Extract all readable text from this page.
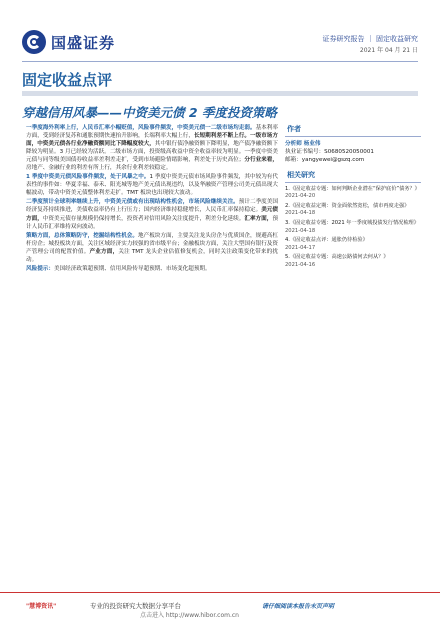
国盛证券	证券研究报告 ｜ 固定收益研究
2021 年 04 月 21 日
固定收益点评
穿越信用风暴——中资美元债 2 季度投资策略

一季度海外利率上行，人民币汇率小幅贬值，风险事件频发，中资美元债一二级市场均走弱。基本利率方面，受到经济复苏和通胀预期快速抬升影响，长端利率大幅上行，长短期利差不断上行。一级市场方面，中资美元债各行业净融资额同比下降幅度较大，其中银行债净融资额下降明显，地产债净融资额下降较为明显。3 月已经较为活跃。二级市场方面，投资级高收益中资全收益率较为明显。一季度中资美元债与同等级美国债券收益率差利差走扩，受到市场避险情绪影响，利差处于历史高位；分行业来看，房地产、金融行业的利差有所上行，其余行业利差较稳定。

1 季度中资美元债风险事件频发，处于风暴之中。1 季度中资美元债市场风险事件频发，其中较为有代表性的事件如：华夏幸福、泰禾、阳光城等地产美元债出现违约，以及华融资产管理公司美元债出现大幅波动，带动中资美元债整体利差走扩。TMT 板块也出现较大波动。

二季度预计全球利率继续上升，中资美元债或有出现结构性机会，市场风险继续关注。预计二季度美国经济复苏持续推进，美债收益率仍有上行压力；国内经济维持稳健增长，人民币汇率保持稳定。美元债方面，中资美元债存量规模仍保持增长，投资者对信用风险关注度提升，利差分化延续。汇率方面，预计人民币汇率维持双向波动。

策略方面，总体策略防守，挖掘结构性机会。地产板块方面，主要关注龙头房企与优质国企，规避高杠杆房企；城投板块方面，关注区域经济实力较强的省市级平台；金融板块方面，关注大型国有银行及资产管理公司的配置价值。产业方面，关注 TMT 龙头企业估值修复机会，同时关注政策变化带来的扰动。

风险提示：美国经济政策超预期、信用风险传导超预期、市场变化超预期。

作者
分析师 杨业伟
执业证书编号：S0680520050001
邮箱：yangyewei@gszq.com
相关研究
1.《固定收益专题：如何判断企业潜在“保护底价”债务？》
2021-04-20
2.《固定收益定期：资金面依然宽松，债市再度走强》
2021-04-18
3.《固定收益专题：2021 年一季度城投债发行情况梳理》
2021-04-18
4.《固定收益点评：通胀仍待检验》
2021-04-17
5.《固定收益专题：高速公路债何去何从？》
2021-04-16
"慧博资讯"	专业的投资研究大数据分享平台	请仔细阅读本报告末页声明
点击进入 http://www.hibor.com.cn
